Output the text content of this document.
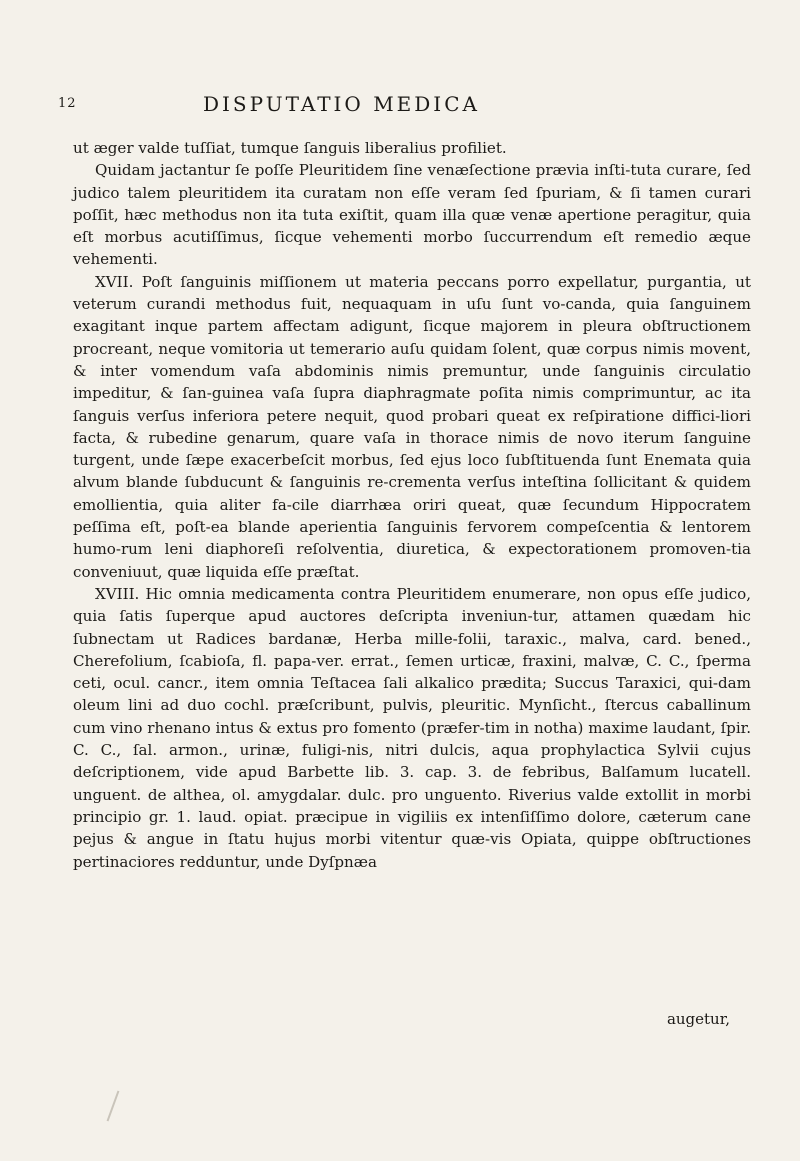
12	DISPUTATIO MEDICA

ut æger valde tuſſiat, tumque ſanguis liberalius profiliet.

Quidam jactantur ſe poſſe Pleuritidem ſine venæſectione prævia inſti-tuta curare, ſed judico talem pleuritidem ita curatam non eſſe veram ſed ſpuriam, & ſi tamen curari poſſit, hæc methodus non ita tuta exiſtit, quam illa quæ venæ apertione peragitur, quia eſt morbus acutiſſimus, ſicque vehementi morbo ſuccurrendum eſt remedio æque vehementi.

XVII. Poſt ſanguinis miſſionem ut materia peccans porro expellatur, purgantia, ut veterum curandi methodus fuit, nequaquam in uſu ſunt vo-canda, quia ſanguinem exagitant inque partem affectam adigunt, ſicque majorem in pleura obſtructionem procreant, neque vomitoria ut temerario auſu quidam ſolent, quæ corpus nimis movent, & inter vomendum vaſa abdominis nimis premuntur, unde ſanguinis circulatio impeditur, & ſan-guinea vaſa ſupra diaphragmate poſita nimis comprimuntur, ac ita ſanguis verſus inferiora petere nequit, quod probari queat ex reſpiratione diffici-liori facta, & rubedine genarum, quare vaſa in thorace nimis de novo iterum ſanguine turgent, unde ſæpe exacerbeſcit morbus, ſed ejus loco ſubſtituenda ſunt Enemata quia alvum blande ſubducunt & ſanguinis re-crementa verſus inteſtina ſollicitant & quidem emollientia, quia aliter fa-cile diarrhæa oriri queat, quæ ſecundum Hippocratem peſſima eſt, poſt-ea blande aperientia ſanguinis fervorem compeſcentia & lentorem humo-rum leni diaphoreſi reſolventia, diuretica, & expectorationem promoven-tia conveniuut, quæ liquida eſſe præſtat.

XVIII. Hic omnia medicamenta contra Pleuritidem enumerare, non opus eſſe judico, quia ſatis ſuperque apud auctores deſcripta inveniun-tur, attamen quædam hic ſubnectam ut Radices bardanæ, Herba mille-folii, taraxic., malva, card. bened., Cherefolium, ſcabioſa, fl. papa-ver. errat., ſemen urticæ, fraxini, malvæ, C. C., ſperma ceti, ocul. cancr., item omnia Teſtacea ſali alkalico prædita; Succus Taraxici, qui-dam oleum lini ad duo cochl. præſcribunt, pulvis, pleuritic. Mynſicht., ſtercus caballinum cum vino rhenano intus & extus pro fomento (præfer-tim in notha) maxime laudant, ſpir. C. C., ſal. armon., urinæ, fuligi-nis, nitri dulcis, aqua prophylactica Sylvii cujus deſcriptionem, vide apud Barbette lib. 3. cap. 3. de febribus, Balſamum lucatell. unguent. de althea, ol. amygdalar. dulc. pro unguento. Riverius valde extollit in morbi principio gr. 1. laud. opiat. præcipue in vigiliis ex intenſiſſimo dolore, cæterum cane pejus & angue in ſtatu hujus morbi vitentur quæ-vis Opiata, quippe obſtructiones pertinaciores redduntur, unde Dyſpnæa

augetur,
